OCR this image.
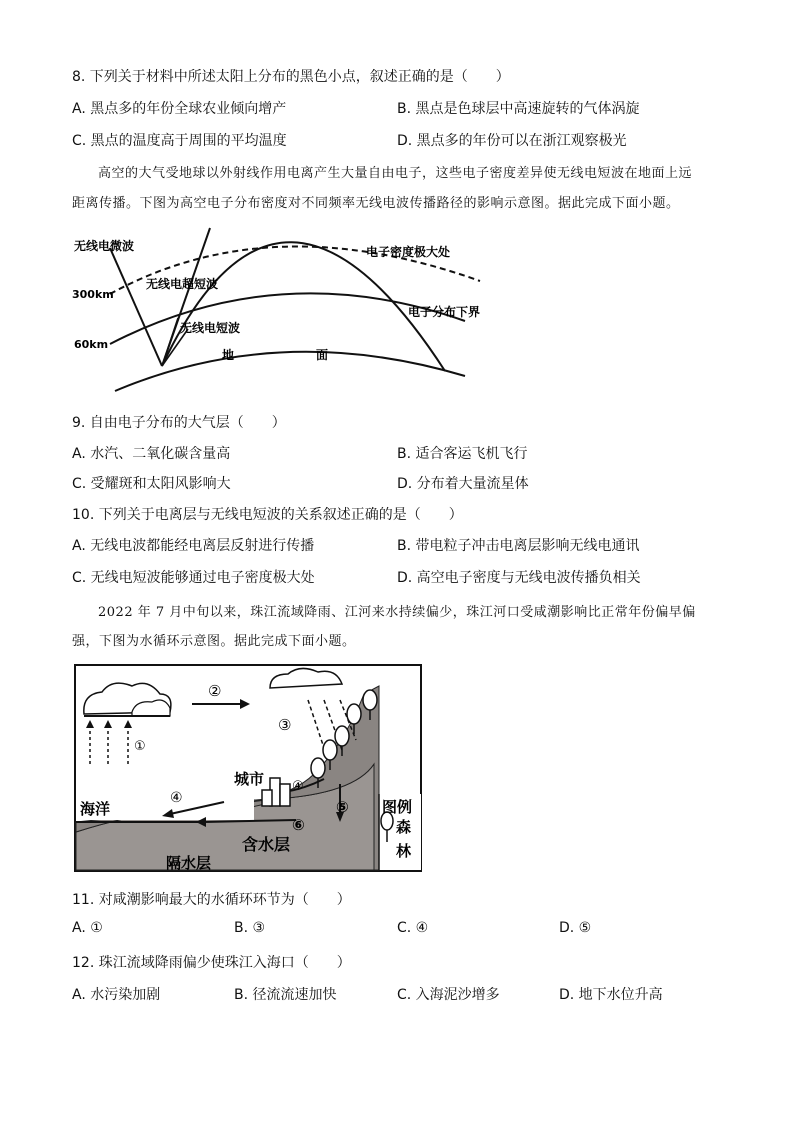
8. 下列关于材料中所述太阳上分布的黑色小点，叙述正确的是（　　）
A. 黑点多的年份全球农业倾向增产	B. 黑点是色球层中高速旋转的气体涡旋
C. 黑点的温度高于周围的平均温度	D. 黑点多的年份可以在浙江观察极光
高空的大气受地球以外射线作用电离产生大量自由电子，这些电子密度差异使无线电短波在地面上远
距离传播。下图为高空电子分布密度对不同频率无线电波传播路径的影响示意图。据此完成下面小题。
无线电微波
无线电超短波
无线电短波
电子密度极大处
电子分布下界
300km
60km
地	面
9. 自由电子分布的大气层（　　）
A. 水汽、二氧化碳含量高	B. 适合客运飞机飞行
C. 受耀斑和太阳风影响大	D. 分布着大量流星体
10. 下列关于电离层与无线电短波的关系叙述正确的是（　　）
A. 无线电波都能经电离层反射进行传播	B. 带电粒子冲击电离层影响无线电通讯
C. 无线电短波能够通过电子密度极大处	D. 高空电子密度与无线电波传播负相关
2022 年 7 月中旬以来，珠江流域降雨、江河来水持续偏少，珠江河口受咸潮影响比正常年份偏早偏
强，下图为水循环示意图。据此完成下面小题。
①
②
③
④
④
⑤
⑥
海洋
城市
含水层
隔水层
图例
森
林
11. 对咸潮影响最大的水循环环节为（　　）
A. ①	B. ③	C. ④	D. ⑤
12. 珠江流域降雨偏少使珠江入海口（　　）
A. 水污染加剧	B. 径流流速加快	C. 入海泥沙增多	D. 地下水位升高
